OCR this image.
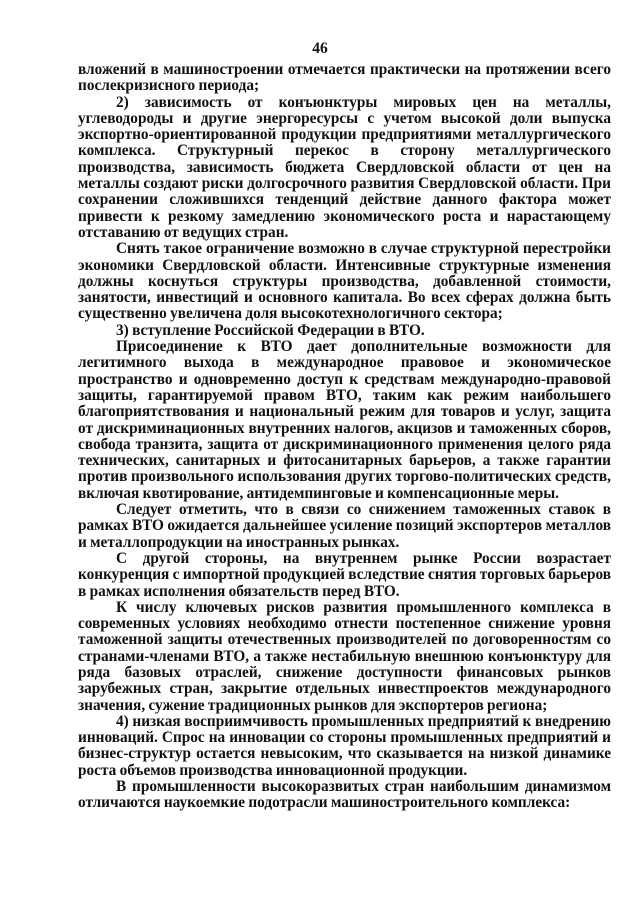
46

вложений в машиностроении отмечается практически на протяжении всего послекризисного периода;

2) зависимость от конъюнктуры мировых цен на металлы, углеводороды и другие энергоресурсы с учетом высокой доли выпуска экспортно-ориентированной продукции предприятиями металлургического комплекса. Структурный перекос в сторону металлургического производства, зависимость бюджета Свердловской области от цен на металлы создают риски долгосрочного развития Свердловской области. При сохранении сложившихся тенденций действие данного фактора может привести к резкому замедлению экономического роста и нарастающему отставанию от ведущих стран.

Снять такое ограничение возможно в случае структурной перестройки экономики Свердловской области. Интенсивные структурные изменения должны коснуться структуры производства, добавленной стоимости, занятости, инвестиций и основного капитала. Во всех сферах должна быть существенно увеличена доля высокотехнологичного сектора;

3) вступление Российской Федерации в ВТО.

Присоединение к ВТО дает дополнительные возможности для легитимного выхода в международное правовое и экономическое пространство и одновременно доступ к средствам международно-правовой защиты, гарантируемой правом ВТО, таким как режим наибольшего благоприятствования и национальный режим для товаров и услуг, защита от дискриминационных внутренних налогов, акцизов и таможенных сборов, свобода транзита, защита от дискриминационного применения целого ряда технических, санитарных и фитосанитарных барьеров, а также гарантии против произвольного использования других торгово-политических средств, включая квотирование, антидемпинговые и компенсационные меры.

Следует отметить, что в связи со снижением таможенных ставок в рамках ВТО ожидается дальнейшее усиление позиций экспортеров металлов и металлопродукции на иностранных рынках.

С другой стороны, на внутреннем рынке России возрастает конкуренция с импортной продукцией вследствие снятия торговых барьеров в рамках исполнения обязательств перед ВТО.

К числу ключевых рисков развития промышленного комплекса в современных условиях необходимо отнести постепенное снижение уровня таможенной защиты отечественных производителей по договоренностям со странами-членами ВТО, а также нестабильную внешнюю конъюнктуру для ряда базовых отраслей, снижение доступности финансовых рынков зарубежных стран, закрытие отдельных инвестпроектов международного значения, сужение традиционных рынков для экспортеров региона;

4) низкая восприимчивость промышленных предприятий к внедрению инноваций. Спрос на инновации со стороны промышленных предприятий и бизнес-структур остается невысоким, что сказывается на низкой динамике роста объемов производства инновационной продукции.

В промышленности высокоразвитых стран наибольшим динамизмом отличаются наукоемкие подотрасли машиностроительного комплекса:
